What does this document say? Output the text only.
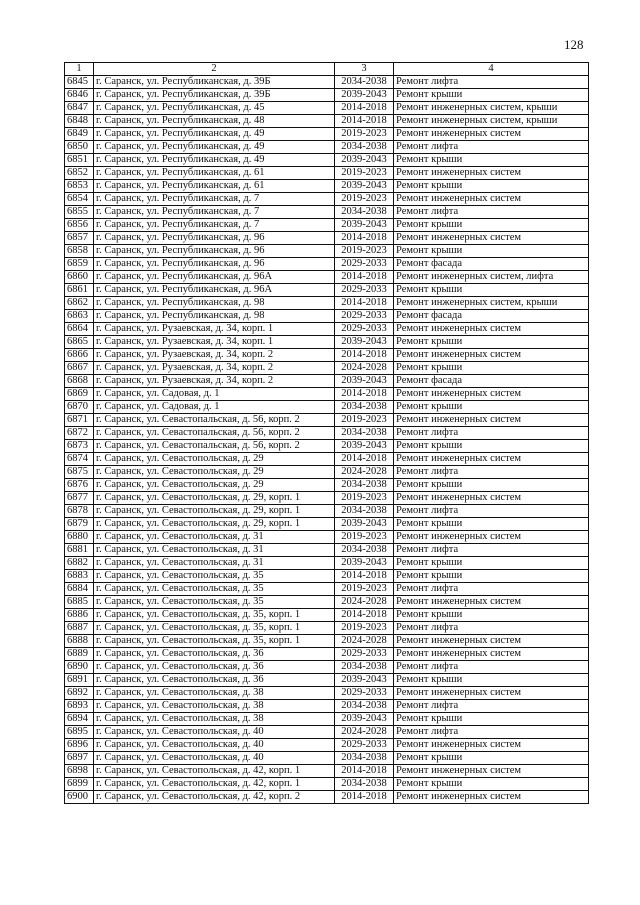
128
1	2	3	4
6845	г. Саранск, ул. Республиканская, д. 39Б	2034-2038	Ремонт лифта
6846	г. Саранск, ул. Республиканская, д. 39Б	2039-2043	Ремонт крыши
6847	г. Саранск, ул. Республиканская, д. 45	2014-2018	Ремонт инженерных систем, крыши
6848	г. Саранск, ул. Республиканская, д. 48	2014-2018	Ремонт инженерных систем, крыши
6849	г. Саранск, ул. Республиканская, д. 49	2019-2023	Ремонт инженерных систем
6850	г. Саранск, ул. Республиканская, д. 49	2034-2038	Ремонт лифта
6851	г. Саранск, ул. Республиканская, д. 49	2039-2043	Ремонт крыши
6852	г. Саранск, ул. Республиканская, д. 61	2019-2023	Ремонт инженерных систем
6853	г. Саранск, ул. Республиканская, д. 61	2039-2043	Ремонт крыши
6854	г. Саранск, ул. Республиканская, д. 7	2019-2023	Ремонт инженерных систем
6855	г. Саранск, ул. Республиканская, д. 7	2034-2038	Ремонт лифта
6856	г. Саранск, ул. Республиканская, д. 7	2039-2043	Ремонт крыши
6857	г. Саранск, ул. Республиканская, д. 96	2014-2018	Ремонт инженерных систем
6858	г. Саранск, ул. Республиканская, д. 96	2019-2023	Ремонт крыши
6859	г. Саранск, ул. Республиканская, д. 96	2029-2033	Ремонт фасада
6860	г. Саранск, ул. Республиканская, д. 96А	2014-2018	Ремонт инженерных систем, лифта
6861	г. Саранск, ул. Республиканская, д. 96А	2029-2033	Ремонт крыши
6862	г. Саранск, ул. Республиканская, д. 98	2014-2018	Ремонт инженерных систем, крыши
6863	г. Саранск, ул. Республиканская, д. 98	2029-2033	Ремонт фасада
6864	г. Саранск, ул. Рузаевская, д. 34, корп. 1	2029-2033	Ремонт инженерных систем
6865	г. Саранск, ул. Рузаевская, д. 34, корп. 1	2039-2043	Ремонт крыши
6866	г. Саранск, ул. Рузаевская, д. 34, корп. 2	2014-2018	Ремонт инженерных систем
6867	г. Саранск, ул. Рузаевская, д. 34, корп. 2	2024-2028	Ремонт крыши
6868	г. Саранск, ул. Рузаевская, д. 34, корп. 2	2039-2043	Ремонт фасада
6869	г. Саранск, ул. Садовая, д. 1	2014-2018	Ремонт инженерных систем
6870	г. Саранск, ул. Садовая, д. 1	2034-2038	Ремонт крыши
6871	г. Саранск, ул. Севастопальская, д. 56, корп. 2	2019-2023	Ремонт инженерных систем
6872	г. Саранск, ул. Севастопальская, д. 56, корп. 2	2034-2038	Ремонт лифта
6873	г. Саранск, ул. Севастопальская, д. 56, корп. 2	2039-2043	Ремонт крыши
6874	г. Саранск, ул. Севастопольская, д. 29	2014-2018	Ремонт инженерных систем
6875	г. Саранск, ул. Севастопольская, д. 29	2024-2028	Ремонт лифта
6876	г. Саранск, ул. Севастопольская, д. 29	2034-2038	Ремонт крыши
6877	г. Саранск, ул. Севастопольская, д. 29, корп. 1	2019-2023	Ремонт инженерных систем
6878	г. Саранск, ул. Севастопольская, д. 29, корп. 1	2034-2038	Ремонт лифта
6879	г. Саранск, ул. Севастопольская, д. 29, корп. 1	2039-2043	Ремонт крыши
6880	г. Саранск, ул. Севастопольская, д. 31	2019-2023	Ремонт инженерных систем
6881	г. Саранск, ул. Севастопольская, д. 31	2034-2038	Ремонт лифта
6882	г. Саранск, ул. Севастопольская, д. 31	2039-2043	Ремонт крыши
6883	г. Саранск, ул. Севастопольская, д. 35	2014-2018	Ремонт крыши
6884	г. Саранск, ул. Севастопольская, д. 35	2019-2023	Ремонт лифта
6885	г. Саранск, ул. Севастопольская, д. 35	2024-2028	Ремонт инженерных систем
6886	г. Саранск, ул. Севастопольская, д. 35, корп. 1	2014-2018	Ремонт крыши
6887	г. Саранск, ул. Севастопольская, д. 35, корп. 1	2019-2023	Ремонт лифта
6888	г. Саранск, ул. Севастопольская, д. 35, корп. 1	2024-2028	Ремонт инженерных систем
6889	г. Саранск, ул. Севастопольская, д. 36	2029-2033	Ремонт инженерных систем
6890	г. Саранск, ул. Севастопольская, д. 36	2034-2038	Ремонт лифта
6891	г. Саранск, ул. Севастопольская, д. 36	2039-2043	Ремонт крыши
6892	г. Саранск, ул. Севастопольская, д. 38	2029-2033	Ремонт инженерных систем
6893	г. Саранск, ул. Севастопольская, д. 38	2034-2038	Ремонт лифта
6894	г. Саранск, ул. Севастопольская, д. 38	2039-2043	Ремонт крыши
6895	г. Саранск, ул. Севастопольская, д. 40	2024-2028	Ремонт лифта
6896	г. Саранск, ул. Севастопольская, д. 40	2029-2033	Ремонт инженерных систем
6897	г. Саранск, ул. Севастопольская, д. 40	2034-2038	Ремонт крыши
6898	г. Саранск, ул. Севастопольская, д. 42, корп. 1	2014-2018	Ремонт инженерных систем
6899	г. Саранск, ул. Севастопольская, д. 42, корп. 1	2034-2038	Ремонт крыши
6900	г. Саранск, ул. Севастопольская, д. 42, корп. 2	2014-2018	Ремонт инженерных систем
